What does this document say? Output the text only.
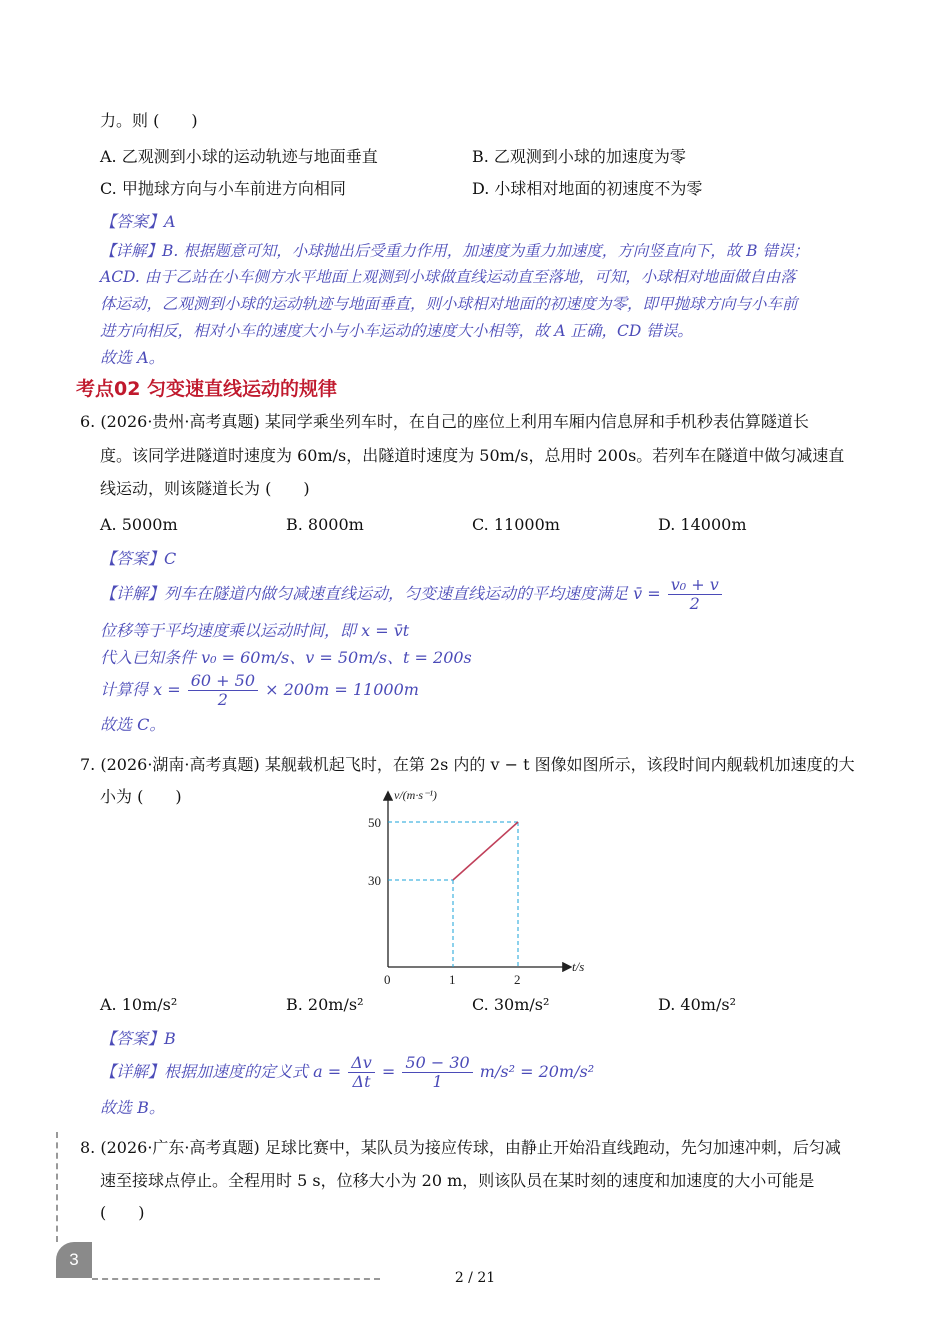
力。则 (　　)
A. 乙观测到小球的运动轨迹与地面垂直	B. 乙观测到小球的加速度为零
C. 甲抛球方向与小车前进方向相同	D. 小球相对地面的初速度不为零
【答案】A
【详解】B. 根据题意可知，小球抛出后受重力作用，加速度为重力加速度，方向竖直向下，故 B 错误；
ACD. 由于乙站在小车侧方水平地面上观测到小球做直线运动直至落地，可知，小球相对地面做自由落
体运动，乙观测到小球的运动轨迹与地面垂直，则小球相对地面的初速度为零，即甲抛球方向与小车前
进方向相反，相对小车的速度大小与小车运动的速度大小相等，故 A 正确，CD 错误。
故选 A。
考点02 匀变速直线运动的规律
6. (2026·贵州·高考真题) 某同学乘坐列车时，在自己的座位上利用车厢内信息屏和手机秒表估算隧道长
度。该同学进隧道时速度为 60m/s，出隧道时速度为 50m/s，总用时 200s。若列车在隧道中做匀减速直
线运动，则该隧道长为 (　　)
A. 5000m	B. 8000m	C. 11000m	D. 14000m
【答案】C
【详解】列车在隧道内做匀减速直线运动，匀变速直线运动的平均速度满足 v̄ = $\frac{\text{v₀ + v}}{2}$
位移等于平均速度乘以运动时间，即 x = v̄t
代入已知条件 v₀ = 60m/s、v = 50m/s、t = 200s
计算得 $x = \frac{60 + 50}{2} \times 200m = 11000m$
故选 C。
7. (2026·湖南·高考真题) 某舰载机起飞时，在第 2s 内的 v − t 图像如图所示，该段时间内舰载机加速度的大
小为 (　　)	v/(m·s⁻¹)
t/s
0	1	2
30
50
A. 10m/s²	B. 20m/s²	C. 30m/s²	D. 40m/s²
【答案】B
【详解】根据加速度的定义式 $a = \frac{\Delta v}{\Delta t} = \frac{50 - 30}{1} m/s^2 = 20m/s^2$
故选 B。
8. (2026·广东·高考真题) 足球比赛中，某队员为接应传球，由静止开始沿直线跑动，先匀加速冲刺，后匀减
速至接球点停止。全程用时 5 s，位移大小为 20 m，则该队员在某时刻的速度和加速度的大小可能是
(　　)
3
2 / 21
